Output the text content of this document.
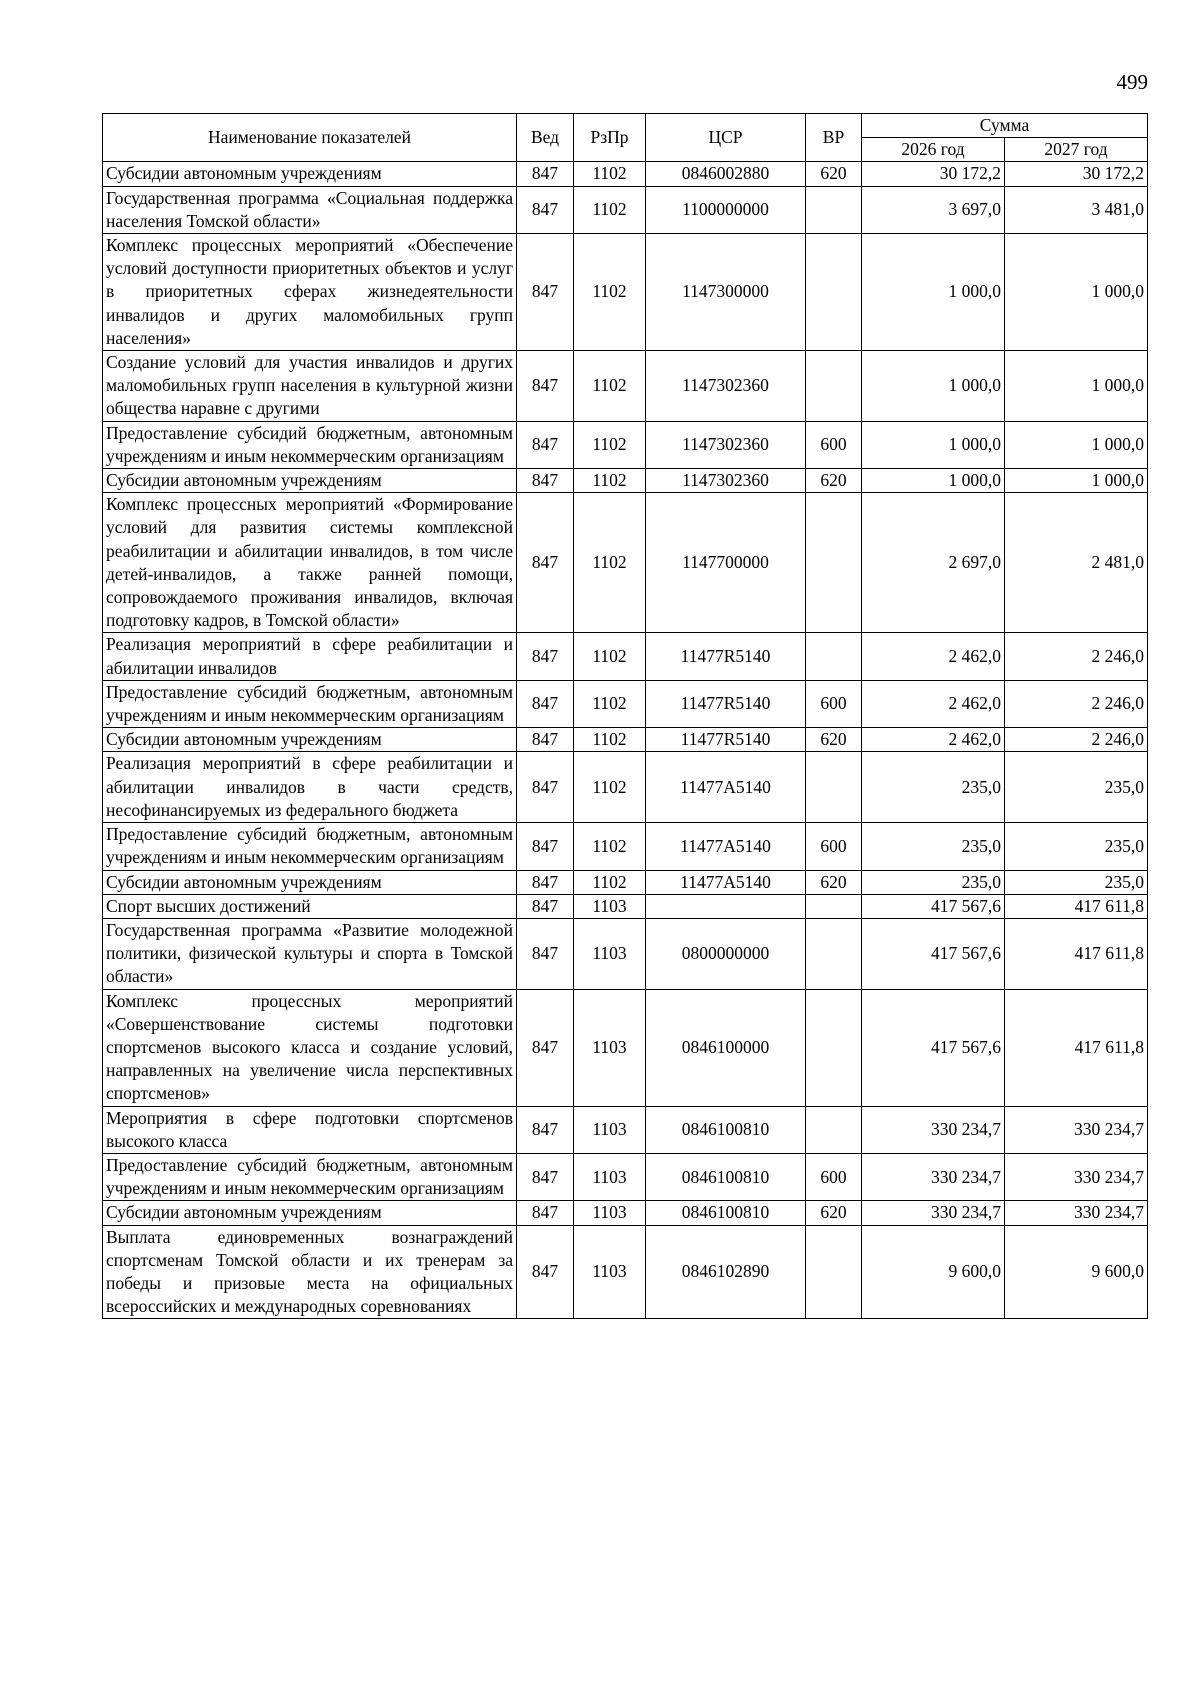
499
Наименование показателей	Вед	РзПр	ЦСР	ВР	Сумма	
					2026 год	2027 год
Субсидии автономным учреждениям	847	1102	0846002880	620	30 172,2	30 172,2
Государственная программа «Социальная поддержка населения Томской области»	847	1102	1100000000		3 697,0	3 481,0
Комплекс процессных мероприятий «Обеспечение условий доступности приоритетных объектов и услуг в приоритетных сферах жизнедеятельности инвалидов и других маломобильных групп населения»	847	1102	1147300000		1 000,0	1 000,0
Создание условий для участия инвалидов и других маломобильных групп населения в культурной жизни общества наравне с другими	847	1102	1147302360		1 000,0	1 000,0
Предоставление субсидий бюджетным, автономным учреждениям и иным некоммерческим организациям	847	1102	1147302360	600	1 000,0	1 000,0
Субсидии автономным учреждениям	847	1102	1147302360	620	1 000,0	1 000,0
Комплекс процессных мероприятий «Формирование условий для развития системы комплексной реабилитации и абилитации инвалидов, в том числе детей-инвалидов, а также ранней помощи, сопровождаемого проживания инвалидов, включая подготовку кадров, в Томской области»	847	1102	1147700000		2 697,0	2 481,0
Реализация мероприятий в сфере реабилитации и абилитации инвалидов	847	1102	11477R5140		2 462,0	2 246,0
Предоставление субсидий бюджетным, автономным учреждениям и иным некоммерческим организациям	847	1102	11477R5140	600	2 462,0	2 246,0
Субсидии автономным учреждениям	847	1102	11477R5140	620	2 462,0	2 246,0
Реализация мероприятий в сфере реабилитации и абилитации инвалидов в части средств, несофинансируемых из федерального бюджета	847	1102	11477A5140		235,0	235,0
Предоставление субсидий бюджетным, автономным учреждениям и иным некоммерческим организациям	847	1102	11477A5140	600	235,0	235,0
Субсидии автономным учреждениям	847	1102	11477A5140	620	235,0	235,0
Спорт высших достижений	847	1103			417 567,6	417 611,8
Государственная программа «Развитие молодежной политики, физической культуры и спорта в Томской области»	847	1103	0800000000		417 567,6	417 611,8
Комплекс процессных мероприятий «Совершенствование системы подготовки спортсменов высокого класса и создание условий, направленных на увеличение числа перспективных спортсменов»	847	1103	0846100000		417 567,6	417 611,8
Мероприятия в сфере подготовки спортсменов высокого класса	847	1103	0846100810		330 234,7	330 234,7
Предоставление субсидий бюджетным, автономным учреждениям и иным некоммерческим организациям	847	1103	0846100810	600	330 234,7	330 234,7
Субсидии автономным учреждениям	847	1103	0846100810	620	330 234,7	330 234,7
Выплата единовременных вознаграждений спортсменам Томской области и их тренерам за победы и призовые места на официальных всероссийских и международных соревнованиях	847	1103	0846102890		9 600,0	9 600,0
